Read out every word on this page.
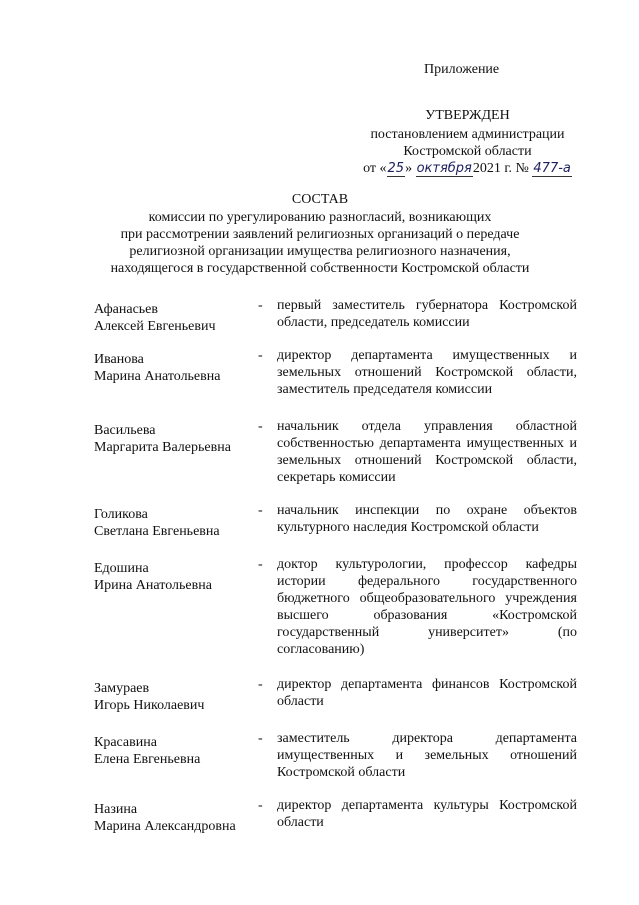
Приложение
УТВЕРЖДЕН
постановлением администрации
Костромской области
от «25» октября2021 г. № 477-а
СОСТАВ
комиссии по урегулированию разногласий, возникающих
при рассмотрении заявлений религиозных организаций о передаче
религиозной организации имущества религиозного назначения,
находящегося в государственной собственности Костромской области
Афанасьев
Алексей Евгеньевич
- первый заместитель губернатора Костромской области, председатель комиссии
Иванова
Марина Анатольевна
- директор департамента имущественных и земельных отношений Костромской области, заместитель председателя комиссии
Васильева
Маргарита Валерьевна
- начальник отдела управления областной собственностью департамента имущественных и земельных отношений Костромской области, секретарь комиссии
Голикова
Светлана Евгеньевна
- начальник инспекции по охране объектов культурного наследия Костромской области
Едошина
Ирина Анатольевна
- доктор культурологии, профессор кафедры истории федерального государственного бюджетного общеобразовательного учреждения высшего образования «Костромской государственный университет» (по согласованию)
Замураев
Игорь Николаевич
- директор департамента финансов Костромской области
Красавина
Елена Евгеньевна
- заместитель директора департамента имущественных и земельных отношений Костромской области
Назина
Марина Александровна
- директор департамента культуры Костромской области
